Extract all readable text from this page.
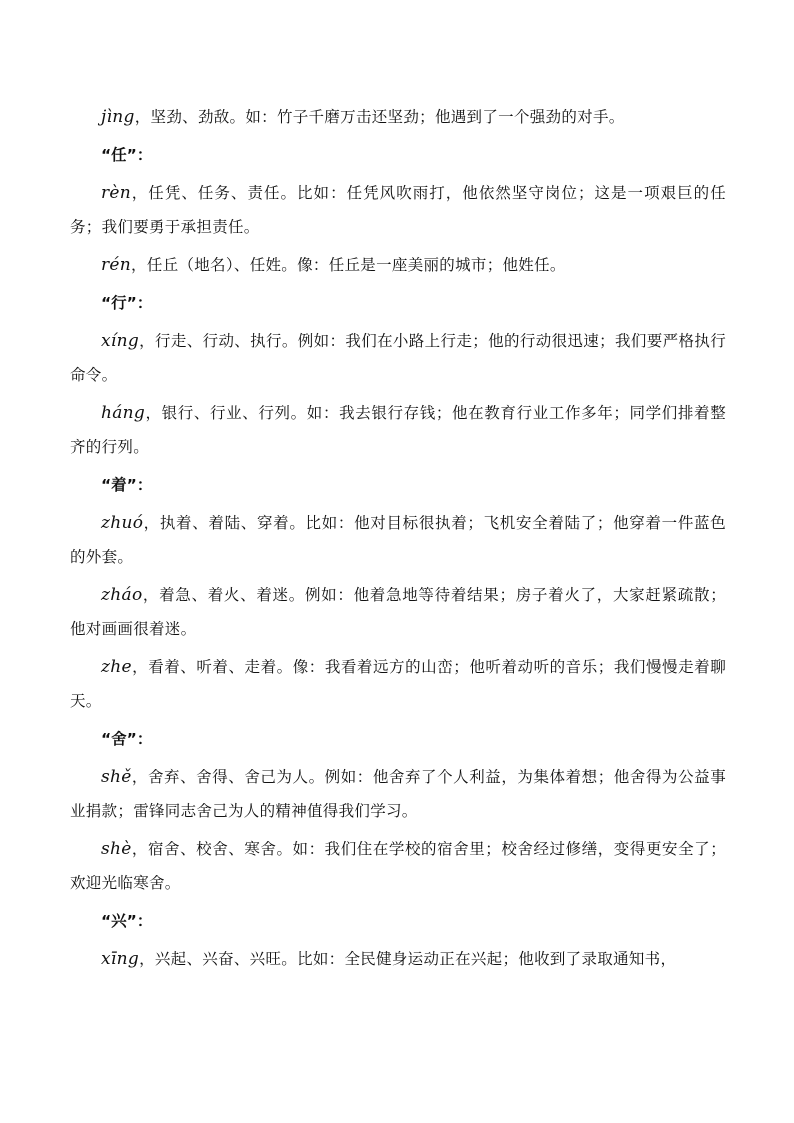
jìng，坚劲、劲敌。如：竹子千磨万击还坚劲；他遇到了一个强劲的对手。

“任”：

rèn，任凭、任务、责任。比如：任凭风吹雨打，他依然坚守岗位；这是一项艰巨的任务；我们要勇于承担责任。

rén，任丘（地名）、任姓。像：任丘是一座美丽的城市；他姓任。

“行”：

xíng，行走、行动、执行。例如：我们在小路上行走；他的行动很迅速；我们要严格执行命令。

háng，银行、行业、行列。如：我去银行存钱；他在教育行业工作多年；同学们排着整齐的行列。

“着”：

zhuó，执着、着陆、穿着。比如：他对目标很执着；飞机安全着陆了；他穿着一件蓝色的外套。

zháo，着急、着火、着迷。例如：他着急地等待着结果；房子着火了，大家赶紧疏散；他对画画很着迷。

zhe，看着、听着、走着。像：我看着远方的山峦；他听着动听的音乐；我们慢慢走着聊天。

“舍”：

shě，舍弃、舍得、舍己为人。例如：他舍弃了个人利益，为集体着想；他舍得为公益事业捐款；雷锋同志舍己为人的精神值得我们学习。

shè，宿舍、校舍、寒舍。如：我们住在学校的宿舍里；校舍经过修缮，变得更安全了；欢迎光临寒舍。

“兴”：

xīng，兴起、兴奋、兴旺。比如：全民健身运动正在兴起；他收到了录取通知书，
